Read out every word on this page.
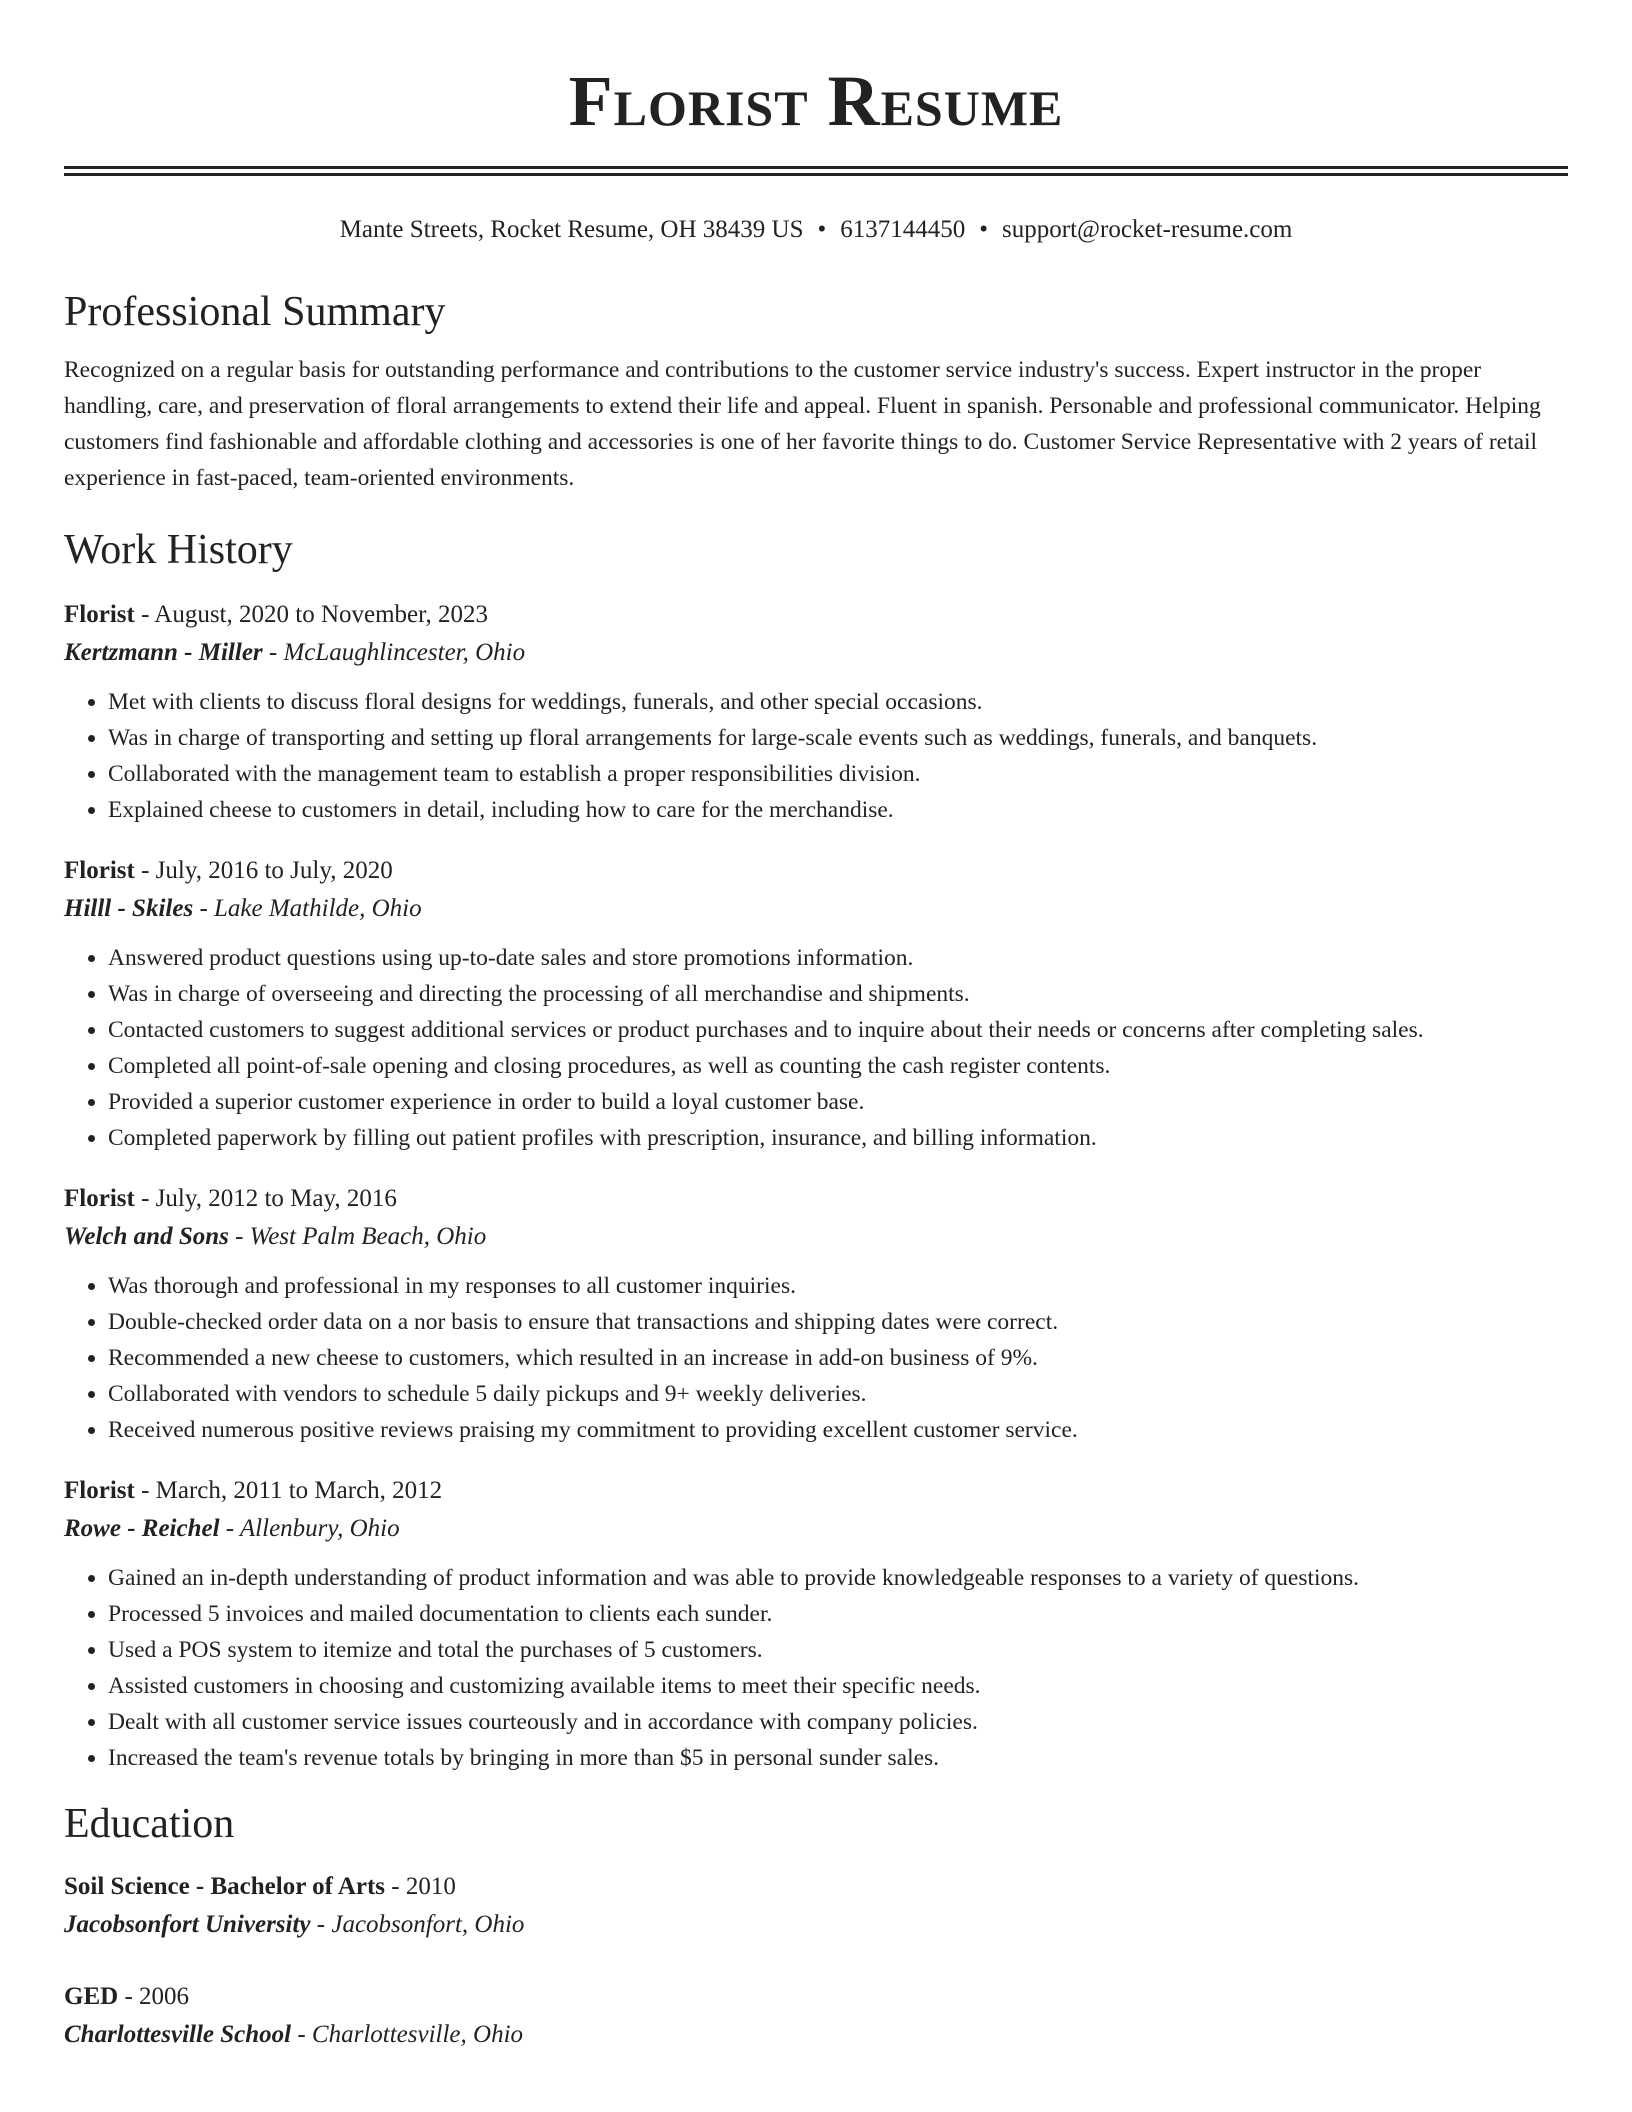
Florist Resume
Mante Streets, Rocket Resume, OH 38439 US • 6137144450 • support@rocket-resume.com
Professional Summary

Recognized on a regular basis for outstanding performance and contributions to the customer service industry's success. Expert instructor in the proper handling, care, and preservation of floral arrangements to extend their life and appeal. Fluent in spanish. Personable and professional communicator. Helping customers find fashionable and affordable clothing and accessories is one of her favorite things to do. Customer Service Representative with 2 years of retail experience in fast-paced, team-oriented environments.

Work History
Florist - August, 2020 to November, 2023
Kertzmann - Miller - McLaughlincester, Ohio
• Met with clients to discuss floral designs for weddings, funerals, and other special occasions.
• Was in charge of transporting and setting up floral arrangements for large-scale events such as weddings, funerals, and banquets.
• Collaborated with the management team to establish a proper responsibilities division.
• Explained cheese to customers in detail, including how to care for the merchandise.
Florist - July, 2016 to July, 2020
Hilll - Skiles - Lake Mathilde, Ohio
• Answered product questions using up-to-date sales and store promotions information.
• Was in charge of overseeing and directing the processing of all merchandise and shipments.
• Contacted customers to suggest additional services or product purchases and to inquire about their needs or concerns after completing sales.
• Completed all point-of-sale opening and closing procedures, as well as counting the cash register contents.
• Provided a superior customer experience in order to build a loyal customer base.
• Completed paperwork by filling out patient profiles with prescription, insurance, and billing information.
Florist - July, 2012 to May, 2016
Welch and Sons - West Palm Beach, Ohio
• Was thorough and professional in my responses to all customer inquiries.
• Double-checked order data on a nor basis to ensure that transactions and shipping dates were correct.
• Recommended a new cheese to customers, which resulted in an increase in add-on business of 9%.
• Collaborated with vendors to schedule 5 daily pickups and 9+ weekly deliveries.
• Received numerous positive reviews praising my commitment to providing excellent customer service.
Florist - March, 2011 to March, 2012
Rowe - Reichel - Allenbury, Ohio
• Gained an in-depth understanding of product information and was able to provide knowledgeable responses to a variety of questions.
• Processed 5 invoices and mailed documentation to clients each sunder.
• Used a POS system to itemize and total the purchases of 5 customers.
• Assisted customers in choosing and customizing available items to meet their specific needs.
• Dealt with all customer service issues courteously and in accordance with company policies.
• Increased the team's revenue totals by bringing in more than $5 in personal sunder sales.
Education
Soil Science - Bachelor of Arts - 2010
Jacobsonfort University - Jacobsonfort, Ohio
GED - 2006
Charlottesville School - Charlottesville, Ohio
